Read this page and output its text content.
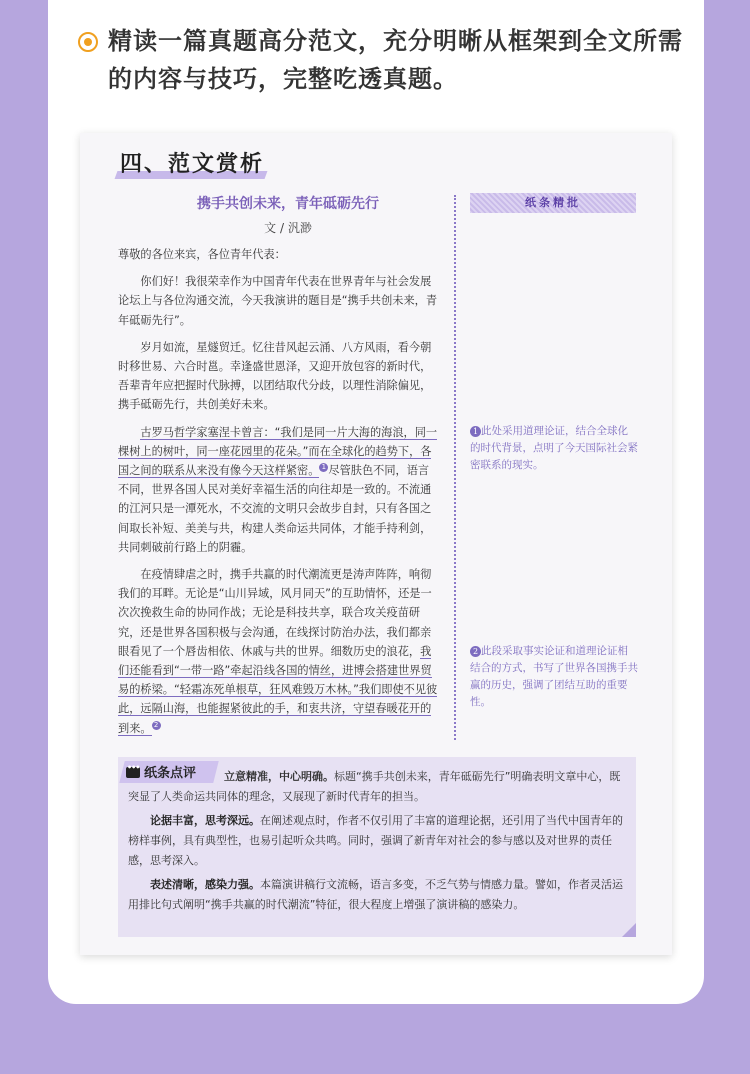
精读一篇真题高分范文，充分明晰从框架到全文所需的内容与技巧，完整吃透真题。
四、范文赏析
携手共创未来，青年砥砺先行
文 / 汎渺

尊敬的各位来宾，各位青年代表：

你们好！我很荣幸作为中国青年代表在世界青年与社会发展论坛上与各位沟通交流，今天我演讲的题目是“携手共创未来，青年砥砺先行”。

岁月如流，星燧贸迁。忆往昔风起云涌、八方风雨，看今朝时移世易、六合时邕。幸逢盛世恩泽，又迎开放包容的新时代，吾辈青年应把握时代脉搏，以团结取代分歧，以理性消除偏见，携手砥砺先行，共创美好未来。

古罗马哲学家塞涅卡曾言：“我们是同一片大海的海浪，同一棵树上的树叶，同一座花园里的花朵。”而在全球化的趋势下，各国之间的联系从来没有像今天这样紧密。 1 尽管肤色不同，语言不同，世界各国人民对美好幸福生活的向往却是一致的。不流通的江河只是一潭死水，不交流的文明只会故步自封，只有各国之间取长补短、美美与共，构建人类命运共同体，才能手持利剑，共同刺破前行路上的阴霾。

在疫情肆虐之时，携手共赢的时代潮流更是涛声阵阵，响彻我们的耳畔。无论是“山川异域，风月同天”的互助情怀，还是一次次挽救生命的协同作战；无论是科技共享，联合攻关疫苗研究，还是世界各国积极与会沟通，在线探讨防治办法，我们都亲眼看见了一个唇齿相依、休戚与共的世界。细数历史的浪花，我们还能看到“一带一路”牵起沿线各国的情丝，进博会搭建世界贸易的桥梁。“轻霜冻死单根草，狂风难毁万木林。”我们即使不见彼此，远隔山海，也能握紧彼此的手，和衷共济，守望春暖花开的到来。 2

纸条精批
1 此处采用道理论证，结合全球化的时代背景，点明了今天国际社会紧密联系的现实。
2 此段采取事实论证和道理论证相结合的方式，书写了世界各国携手共赢的历史，强调了团结互助的重要性。
•••纸条点评	立意精准，中心明确。标题“携手共创未来，青年砥砺先行”明确表明文章中心，既突显了人类命运共同体的理念，又展现了新时代青年的担当。

论据丰富，思考深远。在阐述观点时，作者不仅引用了丰富的道理论据，还引用了当代中国青年的榜样事例，具有典型性，也易引起听众共鸣。同时，强调了新青年对社会的参与感以及对世界的责任感，思考深入。

表述清晰，感染力强。本篇演讲稿行文流畅，语言多变，不乏气势与情感力量。譬如，作者灵活运用排比句式阐明“携手共赢的时代潮流”特征，很大程度上增强了演讲稿的感染力。
